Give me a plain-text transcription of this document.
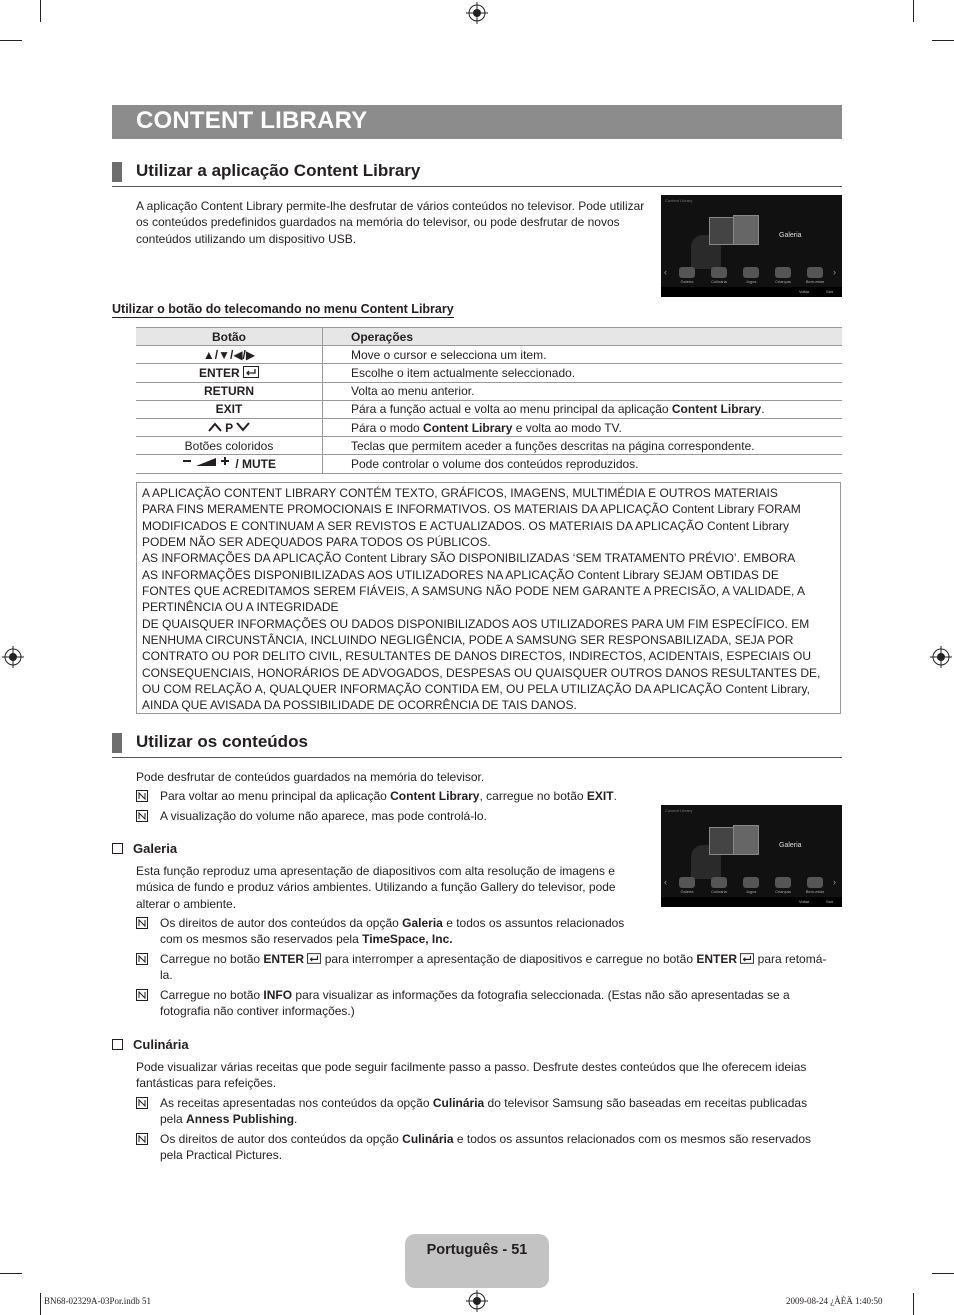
CONTENT LIBRARY
Utilizar a aplicação Content Library
A aplicação Content Library permite-lhe desfrutar de vários conteúdos no televisor. Pode utilizar
os conteúdos predefinidos guardados na memória do televisor, ou pode desfrutar de novos
conteúdos utilizando um dispositivo USB.
Content Library
Galeria
‹	›
Galeria	Culinária	Jogos	Crianças	Bem-estar
Voltar	Sair
Utilizar o botão do telecomando no menu Content Library
Botão	Operações
▲/▼/◀/▶	Move o cursor e selecciona um item.
ENTER	Escolhe o item actualmente seleccionado.
RETURN	Volta ao menu anterior.
EXIT	Pára a função actual e volta ao menu principal da aplicação Content Library.
P	Pára o modo Content Library e volta ao modo TV.
Botões coloridos	Teclas que permitem aceder a funções descritas na página correspondente.
/ MUTE	Pode controlar o volume dos conteúdos reproduzidos.
A APLICAÇÃO CONTENT LIBRARY CONTÉM TEXTO, GRÁFICOS, IMAGENS, MULTIMÉDIA E OUTROS MATERIAIS
PARA FINS MERAMENTE PROMOCIONAIS E INFORMATIVOS. OS MATERIAIS DA APLICAÇÃO Content Library FORAM
MODIFICADOS E CONTINUAM A SER REVISTOS E ACTUALIZADOS. OS MATERIAIS DA APLICAÇÃO Content Library
PODEM NÃO SER ADEQUADOS PARA TODOS OS PÚBLICOS.
AS INFORMAÇÕES DA APLICAÇÃO Content Library SÃO DISPONIBILIZADAS ‘SEM TRATAMENTO PRÉVIO’. EMBORA
AS INFORMAÇÕES DISPONIBILIZADAS AOS UTILIZADORES NA APLICAÇÃO Content Library SEJAM OBTIDAS DE
FONTES QUE ACREDITAMOS SEREM FIÁVEIS, A SAMSUNG NÃO PODE NEM GARANTE A PRECISÃO, A VALIDADE, A
PERTINÊNCIA OU A INTEGRIDADE
DE QUAISQUER INFORMAÇÕES OU DADOS DISPONIBILIZADOS AOS UTILIZADORES PARA UM FIM ESPECÍFICO. EM
NENHUMA CIRCUNSTÂNCIA, INCLUINDO NEGLIGÊNCIA, PODE A SAMSUNG SER RESPONSABILIZADA, SEJA POR
CONTRATO OU POR DELITO CIVIL, RESULTANTES DE DANOS DIRECTOS, INDIRECTOS, ACIDENTAIS, ESPECIAIS OU
CONSEQUENCIAIS, HONORÁRIOS DE ADVOGADOS, DESPESAS OU QUAISQUER OUTROS DANOS RESULTANTES DE,
OU COM RELAÇÃO A, QUALQUER INFORMAÇÃO CONTIDA EM, OU PELA UTILIZAÇÃO DA APLICAÇÃO Content Library,
AINDA QUE AVISADA DA POSSIBILIDADE DE OCORRÊNCIA DE TAIS DANOS.
Utilizar os conteúdos
Pode desfrutar de conteúdos guardados na memória do televisor.
Para voltar ao menu principal da aplicação Content Library, carregue no botão EXIT.
A visualização do volume não aparece, mas pode controlá-lo.	Content Library
Galeria
‹	›
Galeria	Culinária	Jogos	Crianças	Bem-estar
Voltar	Sair
Galeria
Esta função reproduz uma apresentação de diapositivos com alta resolução de imagens e
música de fundo e produz vários ambientes. Utilizando a função Gallery do televisor, pode
alterar o ambiente.
Os direitos de autor dos conteúdos da opção Galeria e todos os assuntos relacionados
com os mesmos são reservados pela TimeSpace, Inc.
Carregue no botão ENTER  para interromper a apresentação de diapositivos e carregue no botão ENTER  para retomá-
la.
Carregue no botão INFO para visualizar as informações da fotografia seleccionada. (Estas não são apresentadas se a
fotografia não contiver informações.)
Culinária
Pode visualizar várias receitas que pode seguir facilmente passo a passo. Desfrute destes conteúdos que lhe oferecem ideias
fantásticas para refeições.
As receitas apresentadas nos conteúdos da opção Culinária do televisor Samsung são baseadas em receitas publicadas
pela Anness Publishing.
Os direitos de autor dos conteúdos da opção Culinária e todos os assuntos relacionados com os mesmos são reservados
pela Practical Pictures.
Português - 51
BN68-02329A-03Por.indb 51	2009-08-24 ¿ÀÈÄ 1:40:50
